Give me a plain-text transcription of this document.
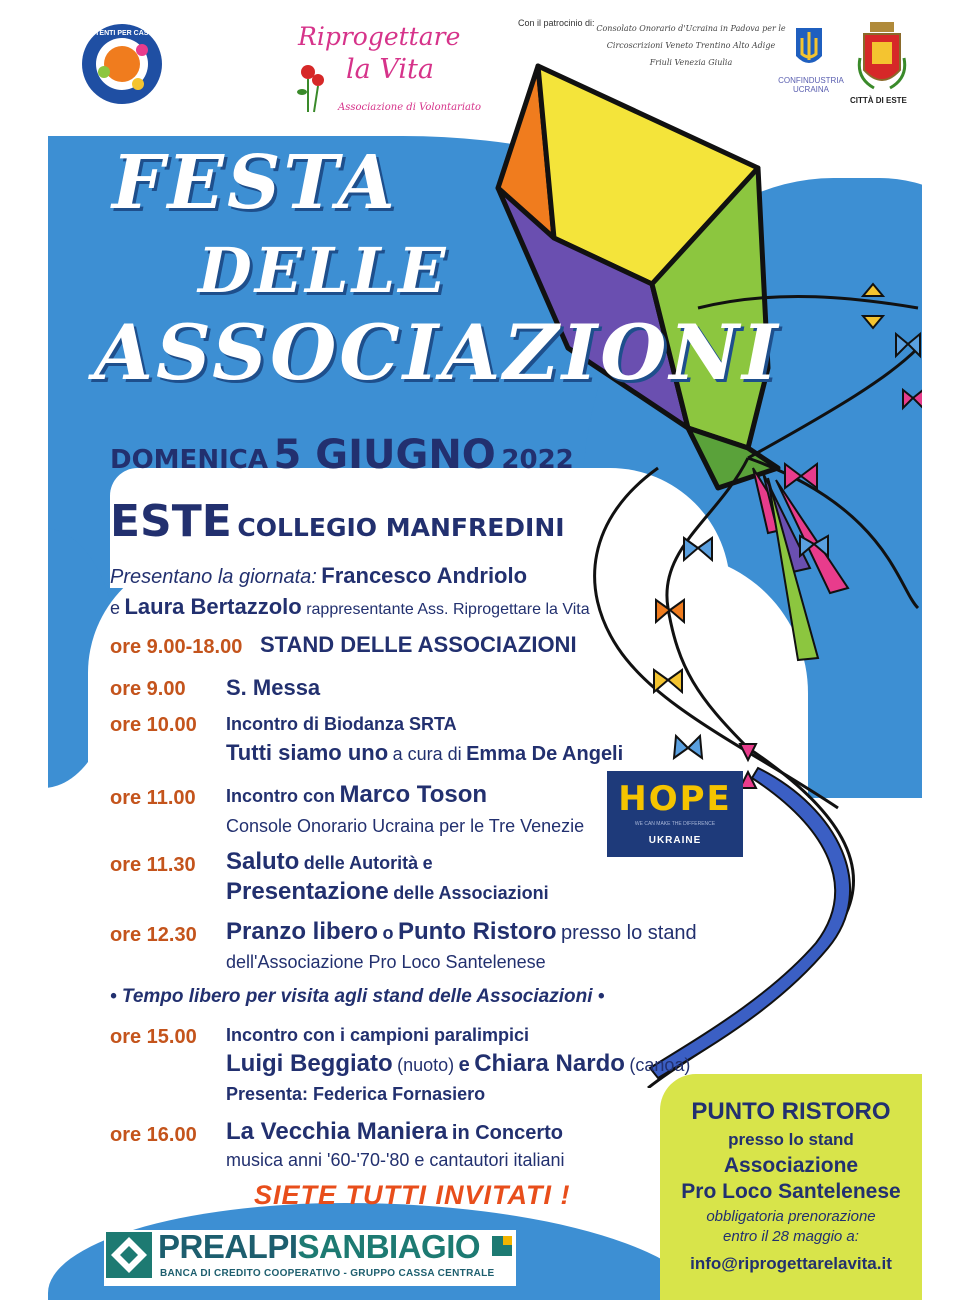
UTENTI PER CASO	Riprogettare
la Vita
Associazione di Volontariato
Con il patrocinio di:
Consolato Onorario d'Ucraina in Padova per le Circoscrizioni Veneto Trentino Alto Adige Friuli Venezia Giulia
CONFINDUSTRIA UCRAINA
CITTÀ DI ESTE
FESTA
DELLE
ASSOCIAZIONI
DOMENICA 5 GIUGNO 2022
ESTE COLLEGIO MANFREDINI
Presentano la giornata: Francesco Andriolo
e Laura Bertazzolo rappresentante Ass. Riprogettare la Vita
ore 9.00-18.00 STAND DELLE ASSOCIAZIONI
ore 9.00 S. Messa
ore 10.00 Incontro di Biodanza SRTA
Tutti siamo uno a cura di Emma De Angeli
ore 11.00 Incontro con Marco Toson
Console Onorario Ucraina per le Tre Venezie
HOPE
WE CAN MAKE THE DIFFERENCE
UKRAINE
ore 11.30 Saluto delle Autorità e
Presentazione delle Associazioni
ore 12.30 Pranzo libero o Punto Ristoro presso lo stand
dell'Associazione Pro Loco Santelenese
• Tempo libero per visita agli stand delle Associazioni •
ore 15.00 Incontro con i campioni paralimpici
Luigi Beggiato (nuoto) e Chiara Nardo (canoa)
Presenta: Federica Fornasiero
ore 16.00 La Vecchia Maniera in Concerto
musica anni '60-'70-'80 e cantautori italiani
SIETE TUTTI INVITATI !
PUNTO RISTORO
presso lo stand
Associazione
Pro Loco Santelenese
obbligatoria prenorazione
entro il 28 maggio a:
info@riprogettarelavita.it
PREALPISANBIAGIO
BANCA DI CREDITO COOPERATIVO - GRUPPO CASSA CENTRALE
